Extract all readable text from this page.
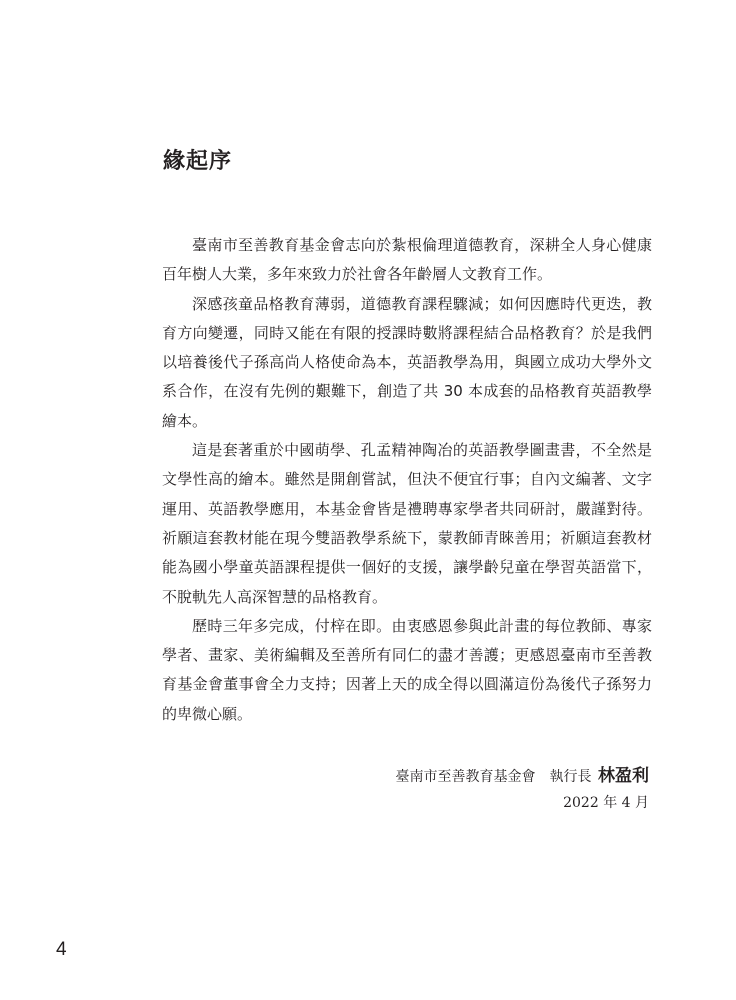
緣起序

臺南市至善教育基金會志向於紮根倫理道德教育，深耕全人身心健康百年樹人大業，多年來致力於社會各年齡層人文教育工作。

深感孩童品格教育薄弱，道德教育課程驟減；如何因應時代更迭，教育方向變遷，同時又能在有限的授課時數將課程結合品格教育？於是我們以培養後代子孫高尚人格使命為本，英語教學為用，與國立成功大學外文系合作，在沒有先例的艱難下，創造了共 30 本成套的品格教育英語教學繪本。

這是套著重於中國萌學、孔孟精神陶冶的英語教學圖畫書，不全然是文學性高的繪本。雖然是開創嘗試，但決不便宜行事；自內文編著、文字運用、英語教學應用，本基金會皆是禮聘專家學者共同研討，嚴謹對待。祈願這套教材能在現今雙語教學系統下，蒙教師青睞善用；祈願這套教材能為國小學童英語課程提供一個好的支援，讓學齡兒童在學習英語當下，不脫軌先人高深智慧的品格教育。

歷時三年多完成，付梓在即。由衷感恩參與此計畫的每位教師、專家學者、畫家、美術編輯及至善所有同仁的盡才善護；更感恩臺南市至善教育基金會董事會全力支持；因著上天的成全得以圓滿這份為後代子孫努力的卑微心願。

臺南市至善教育基金會 執行長 林盈利
2022 年 4 月
4
